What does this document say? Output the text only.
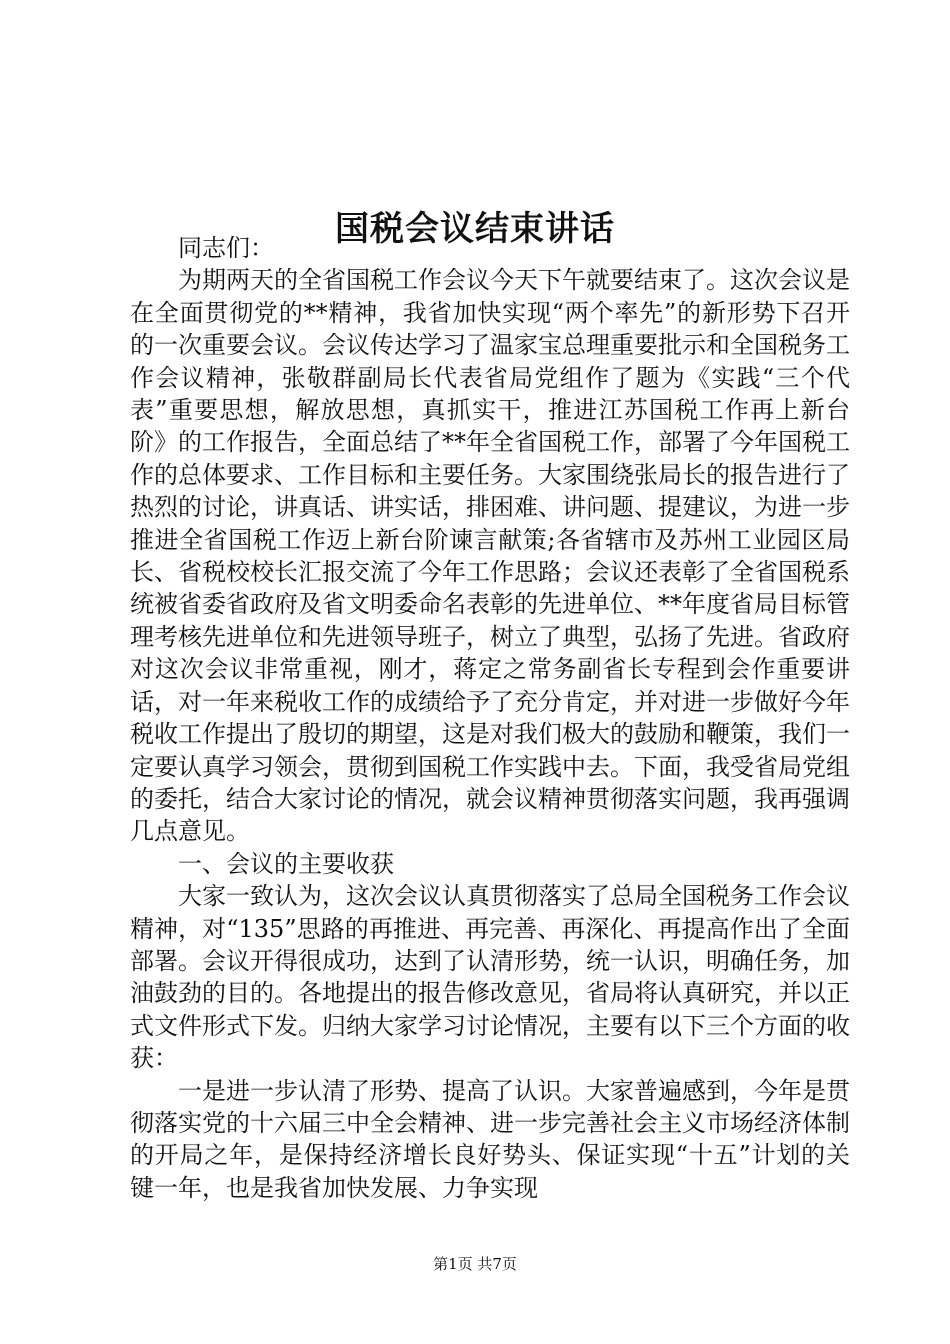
国税会议结束讲话

同志们：

为期两天的全省国税工作会议今天下午就要结束了。这次会议是在全面贯彻党的**精神，我省加快实现“两个率先”的新形势下召开的一次重要会议。会议传达学习了温家宝总理重要批示和全国税务工作会议精神，张敬群副局长代表省局党组作了题为《实践“三个代表”重要思想，解放思想，真抓实干，推进江苏国税工作再上新台阶》的工作报告，全面总结了**年全省国税工作，部署了今年国税工作的总体要求、工作目标和主要任务。大家围绕张局长的报告进行了热烈的讨论，讲真话、讲实话，排困难、讲问题、提建议，为进一步推进全省国税工作迈上新台阶谏言献策;各省辖市及苏州工业园区局长、省税校校长汇报交流了今年工作思路；会议还表彰了全省国税系统被省委省政府及省文明委命名表彰的先进单位、**年度省局目标管理考核先进单位和先进领导班子，树立了典型，弘扬了先进。省政府对这次会议非常重视，刚才，蒋定之常务副省长专程到会作重要讲话，对一年来税收工作的成绩给予了充分肯定，并对进一步做好今年税收工作提出了殷切的期望，这是对我们极大的鼓励和鞭策，我们一定要认真学习领会，贯彻到国税工作实践中去。下面，我受省局党组的委托，结合大家讨论的情况，就会议精神贯彻落实问题，我再强调几点意见。

一、会议的主要收获

大家一致认为，这次会议认真贯彻落实了总局全国税务工作会议精神，对“135”思路的再推进、再完善、再深化、再提高作出了全面部署。会议开得很成功，达到了认清形势，统一认识，明确任务，加油鼓劲的目的。各地提出的报告修改意见，省局将认真研究，并以正式文件形式下发。归纳大家学习讨论情况，主要有以下三个方面的收获：

一是进一步认清了形势、提高了认识。大家普遍感到，今年是贯彻落实党的十六届三中全会精神、进一步完善社会主义市场经济体制的开局之年，是保持经济增长良好势头、保证实现“十五”计划的关键一年，也是我省加快发展、力争实现

第1页 共7页
